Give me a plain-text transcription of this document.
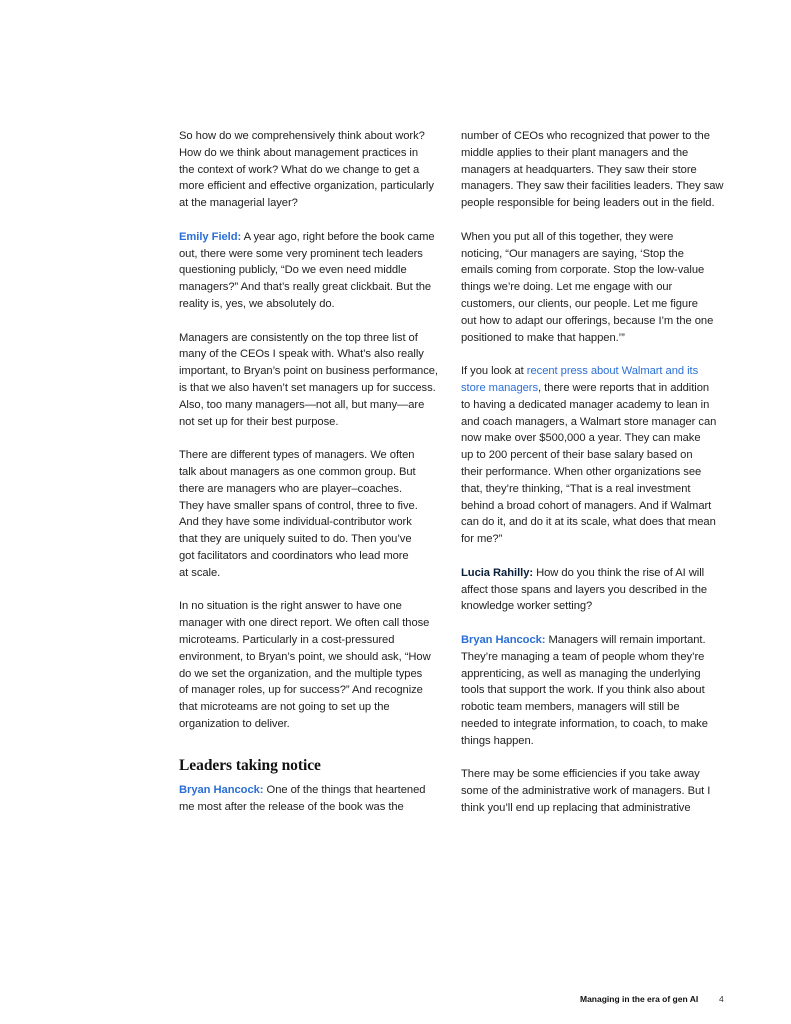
So how do we comprehensively think about work?
How do we think about management practices in
the context of work? What do we change to get a
more efficient and effective organization, particularly
at the managerial layer?

Emily Field: A year ago, right before the book came
out, there were some very prominent tech leaders
questioning publicly, “Do we even need middle
managers?” And that’s really great clickbait. But the
reality is, yes, we absolutely do.

Managers are consistently on the top three list of
many of the CEOs I speak with. What’s also really
important, to Bryan’s point on business performance,
is that we also haven’t set managers up for success.
Also, too many managers—not all, but many—are
not set up for their best purpose.

There are different types of managers. We often
talk about managers as one common group. But
there are managers who are player–coaches.
They have smaller spans of control, three to five.
And they have some individual-contributor work
that they are uniquely suited to do. Then you’ve
got facilitators and coordinators who lead more
at scale.

In no situation is the right answer to have one
manager with one direct report. We often call those
microteams. Particularly in a cost-pressured
environment, to Bryan’s point, we should ask, “How
do we set the organization, and the multiple types
of manager roles, up for success?” And recognize
that microteams are not going to set up the
organization to deliver.

Leaders taking notice

Bryan Hancock: One of the things that heartened
me most after the release of the book was the

number of CEOs who recognized that power to the
middle applies to their plant managers and the
managers at headquarters. They saw their store
managers. They saw their facilities leaders. They saw
people responsible for being leaders out in the field.

When you put all of this together, they were
noticing, “Our managers are saying, ‘Stop the
emails coming from corporate. Stop the low-value
things we’re doing. Let me engage with our
customers, our clients, our people. Let me figure
out how to adapt our offerings, because I’m the one
positioned to make that happen.’”

If you look at recent press about Walmart and its
store managers, there were reports that in addition
to having a dedicated manager academy to lean in
and coach managers, a Walmart store manager can
now make over $500,000 a year. They can make
up to 200 percent of their base salary based on
their performance. When other organizations see
that, they’re thinking, “That is a real investment
behind a broad cohort of managers. And if Walmart
can do it, and do it at its scale, what does that mean
for me?”

Lucia Rahilly: How do you think the rise of AI will
affect those spans and layers you described in the
knowledge worker setting?

Bryan Hancock: Managers will remain important.
They’re managing a team of people whom they’re
apprenticing, as well as managing the underlying
tools that support the work. If you think also about
robotic team members, managers will still be
needed to integrate information, to coach, to make
things happen.

There may be some efficiencies if you take away
some of the administrative work of managers. But I
think you’ll end up replacing that administrative

Managing in the era of gen AI 4
